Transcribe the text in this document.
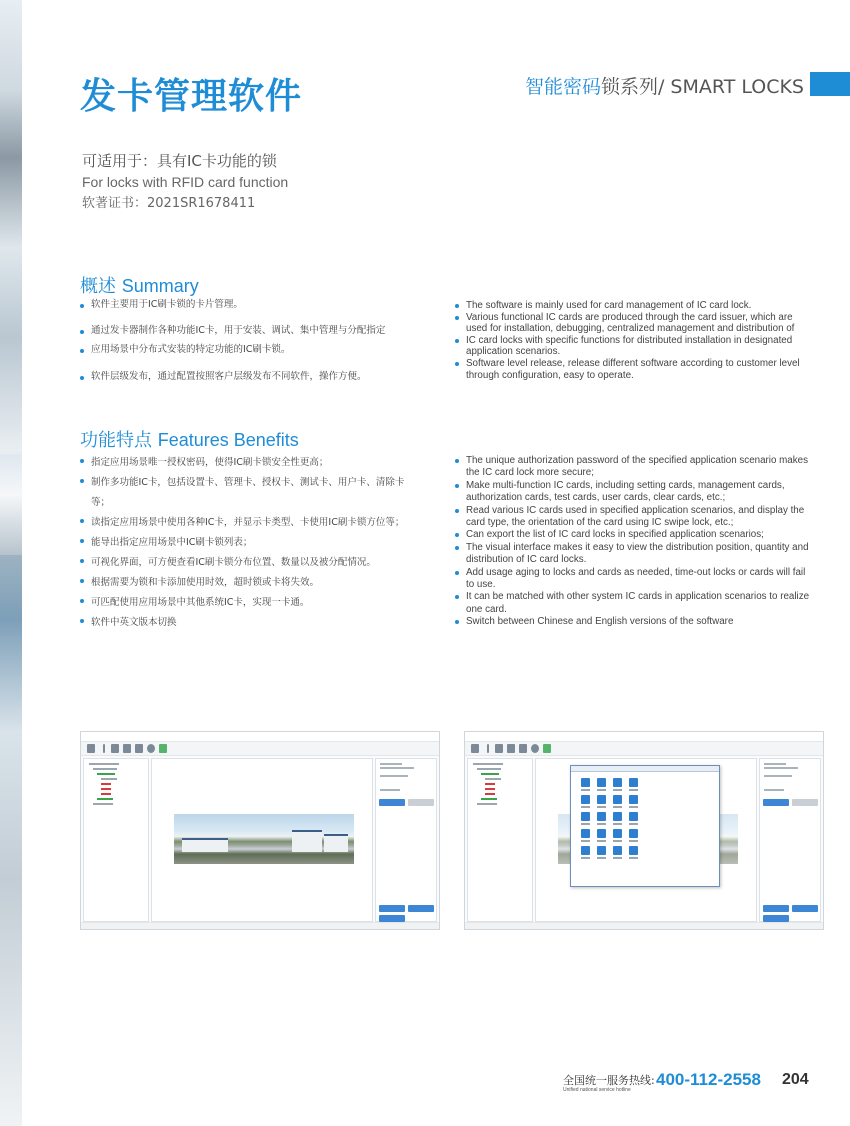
发卡管理软件	智能密码锁系列/ SMART LOCKS
可适用于：具有IC卡功能的锁
For locks with RFID card function
软著证书：2021SR1678411
概述 Summary
软件主要用于IC刷卡锁的卡片管理。
通过发卡器制作各种功能IC卡，用于安装、调试、集中管理与分配指定
应用场景中分布式安装的特定功能的IC刷卡锁。
软件层级发布，通过配置按照客户层级发布不同软件，操作方便。
The software is mainly used for card management of IC card lock.
Various functional IC cards are produced through the card issuer, which are used for installation, debugging, centralized management and distribution of
IC card locks with specific functions for distributed installation in designated application scenarios.
Software level release, release different software according to customer level through configuration, easy to operate.
功能特点 Features Benefits
指定应用场景唯一授权密码，使得IC刷卡锁安全性更高；
制作多功能IC卡，包括设置卡、管理卡、授权卡、测试卡、用户卡、清除卡等；
读指定应用场景中使用各种IC卡，并显示卡类型、卡使用IC刷卡锁方位等；
能导出指定应用场景中IC刷卡锁列表；
可视化界面，可方便查看IC刷卡锁分布位置、数量以及被分配情况。
根据需要为锁和卡添加使用时效，超时锁或卡将失效。
可匹配使用应用场景中其他系统IC卡，实现一卡通。
软件中英文版本切换
The unique authorization password of the specified application scenario makes the IC card lock more secure;
Make multi-function IC cards, including setting cards, management cards, authorization cards, test cards, user cards, clear cards, etc.;
Read various IC cards used in specified application scenarios, and display the card type, the orientation of the card using IC swipe lock, etc.;
Can export the list of IC card locks in specified application scenarios;
The visual interface makes it easy to view the distribution position, quantity and distribution of IC card locks.
Add usage aging to locks and cards as needed, time-out locks or cards will fail to use.
It can be matched with other system IC cards in application scenarios to realize one card.
Switch between Chinese and English versions of the software
全国统一服务热线:
Unified national service hotline
400-112-2558 204
